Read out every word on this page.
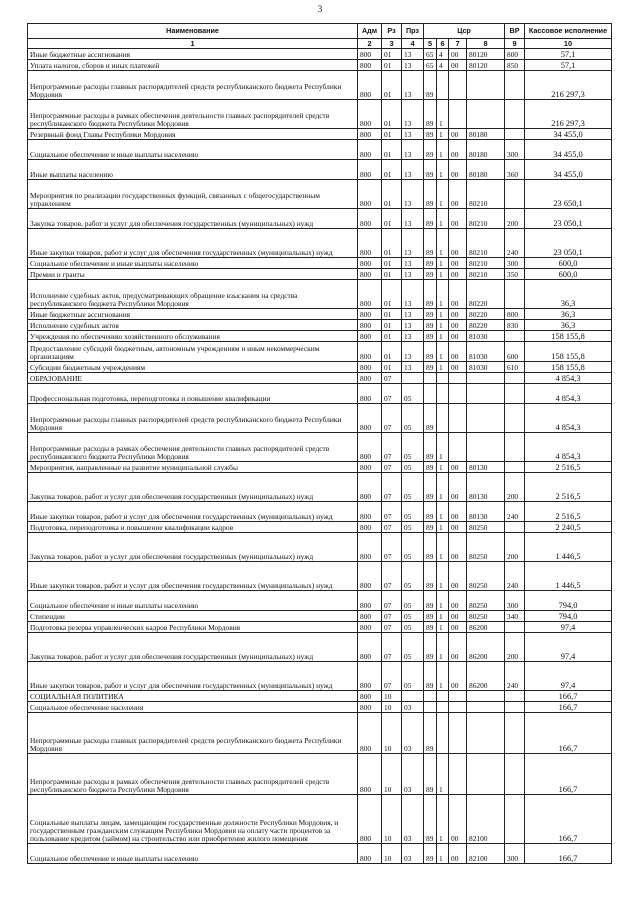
3
Наименование	Адм	Рз	Прз	Цср				ВР	Кассовое исполнение
1	2	3	4	5	6	7	8	9	10
Иные бюджетные ассигнования	800	01	13	65	4	00	80120	800	57,1
Уплата налогов, сборов и иных платежей	800	01	13	65	4	00	80120	850	57,1
Непрограммные расходы главных распорядителей средств республиканского бюджета Республики Мордовия	800	01	13	89					216 297,3
Непрограммные расходы в рамках обеспечения деятельности главных распорядителей средств республиканского бюджета Республики Мордовия	800	01	13	89	1				216 297,3
Резервный фонд Главы Республики Мордовия	800	01	13	89	1	00	80180		34 455,0
Социальное обеспечение и иные выплаты населению	800	01	13	89	1	00	80180	300	34 455,0
Иные выплаты населению	800	01	13	89	1	00	80180	360	34 455,0
Мероприятия по реализации государственных функций, связанных с общегосударственным управлением	800	01	13	89	1	00	80210		23 650,1
Закупка товаров, работ и услуг для обеспечения государственных (муниципальных) нужд	800	01	13	89	1	00	80210	200	23 050,1
Иные закупки товаров, работ и услуг для обеспечения государственных (муниципальных) нужд	800	01	13	89	1	00	80210	240	23 050,1
Социальное обеспечение и иные выплаты населению	800	01	13	89	1	00	80210	300	600,0
Премии и гранты	800	01	13	89	1	00	80210	350	600,0
Исполнение судебных актов, предусматривающих обращение взыскания на средства республиканского бюджета Республики Мордовия	800	01	13	89	1	00	80220		36,3
Иные бюджетные ассигнования	800	01	13	89	1	00	80220	800	36,3
Исполнение судебных актов	800	01	13	89	1	00	80220	830	36,3
Учреждения по обеспечению хозяйственного обслуживания	800	01	13	89	1	00	81030		158 155,8
Предоставление субсидий бюджетным, автономным учреждениям и иным некоммерческим организациям	800	01	13	89	1	00	81030	600	158 155,8
Субсидии бюджетным учреждениям	800	01	13	89	1	00	81030	610	158 155,8
ОБРАЗОВАНИЕ	800	07							4 854,3
Профессиональная подготовка, переподготовка и повышение квалификации	800	07	05						4 854,3
Непрограммные расходы главных распорядителей средств республиканского бюджета Республики Мордовия	800	07	05	89					4 854,3
Непрограммные расходы в рамках обеспечения деятельности главных распорядителей средств республиканского бюджета Республики Мордовия	800	07	05	89	1				4 854,3
Мероприятия, направленные на развитие муниципальной службы	800	07	05	89	1	00	80130		2 516,5
Закупка товаров, работ и услуг для обеспечения государственных (муниципальных) нужд	800	07	05	89	1	00	80130	200	2 516,5
Иные закупки товаров, работ и услуг для обеспечения государственных (муниципальных) нужд	800	07	05	89	1	00	80130	240	2 516,5
Подготовка, переподготовка и повышение квалификации кадров	800	07	05	89	1	00	80250		2 240,5
Закупка товаров, работ и услуг для обеспечения государственных (муниципальных) нужд	800	07	05	89	1	00	80250	200	1 446,5
Иные закупки товаров, работ и услуг для обеспечения государственных (муниципальных) нужд	800	07	05	89	1	00	80250	240	1 446,5
Социальное обеспечение и иные выплаты населению	800	07	05	89	1	00	80250	300	794,0
Стипендии	800	07	05	89	1	00	80250	340	794,0
Подготовка резерва управленческих кадров Республики Мордовия	800	07	05	89	1	00	86200		97,4
Закупка товаров, работ и услуг для обеспечения государственных (муниципальных) нужд	800	07	05	89	1	00	86200	200	97,4
Иные закупки товаров, работ и услуг для обеспечения государственных (муниципальных) нужд	800	07	05	89	1	00	86200	240	97,4
СОЦИАЛЬНАЯ ПОЛИТИКА	800	10							166,7
Социальное обеспечение населения	800	10	03						166,7
Непрограммные расходы главных распорядителей средств республиканского бюджета Республики Мордовия	800	10	03	89					166,7
Непрограммные расходы в рамках обеспечения деятельности главных распорядителей средств республиканского бюджета Республики Мордовия	800	10	03	89	1				166,7
Социальные выплаты лицам, замещающим государственные должности Республики Мордовия, и государственным гражданским служащим Республики Мордовия на оплату части процентов за пользование кредитом (займом) на строительство или приобретение жилого помещения	800	10	03	89	1	00	82100		166,7
Социальное обеспечение и иные выплаты населению	800	10	03	89	1	00	82100	300	166,7
